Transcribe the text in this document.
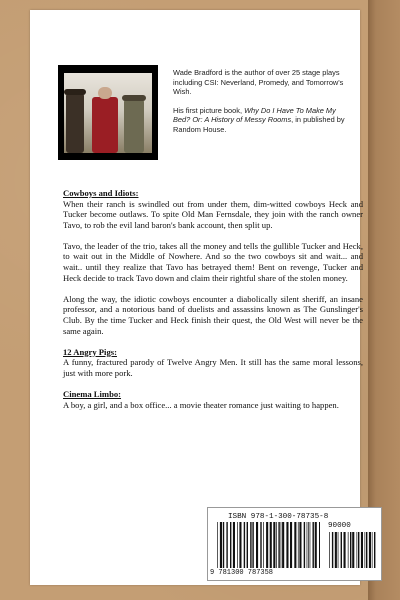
Wade Bradford is the author of over 25 stage plays including CSI: Neverland, Promedy, and Tomorrow's Wish.

His first picture book, Why Do I Have To Make My Bed? Or: A History of Messy Rooms, in published by Random House.

Cowboys and Idiots:
When their ranch is swindled out from under them, dim-witted cowboys Heck and Tucker become outlaws. To spite Old Man Fernsdale, they join with the ranch owner Tavo, to rob the evil land baron's bank account, then split up.
Tavo, the leader of the trio, takes all the money and tells the gullible Tucker and Heck, to wait out in the Middle of Nowhere. And so the two cowboys sit and wait... and wait.. until they realize that Tavo has betrayed them! Bent on revenge, Tucker and Heck decide to track Tavo down and claim their rightful share of the stolen money.
Along the way, the idiotic cowboys encounter a diabolically silent sheriff, an insane professor, and a notorious band of duelists and assassins known as The Gunslinger's Club. By the time Tucker and Heck finish their quest, the Old West will never be the same again.
12 Angry Pigs:
A funny, fractured parody of Twelve Angry Men. It still has the same moral lessons, just with more pork.
Cinema Limbo:
A boy, a girl, and a box office... a movie theater romance just waiting to happen.
ISBN 978-1-300-78735-8
90000
9 781300 787358
